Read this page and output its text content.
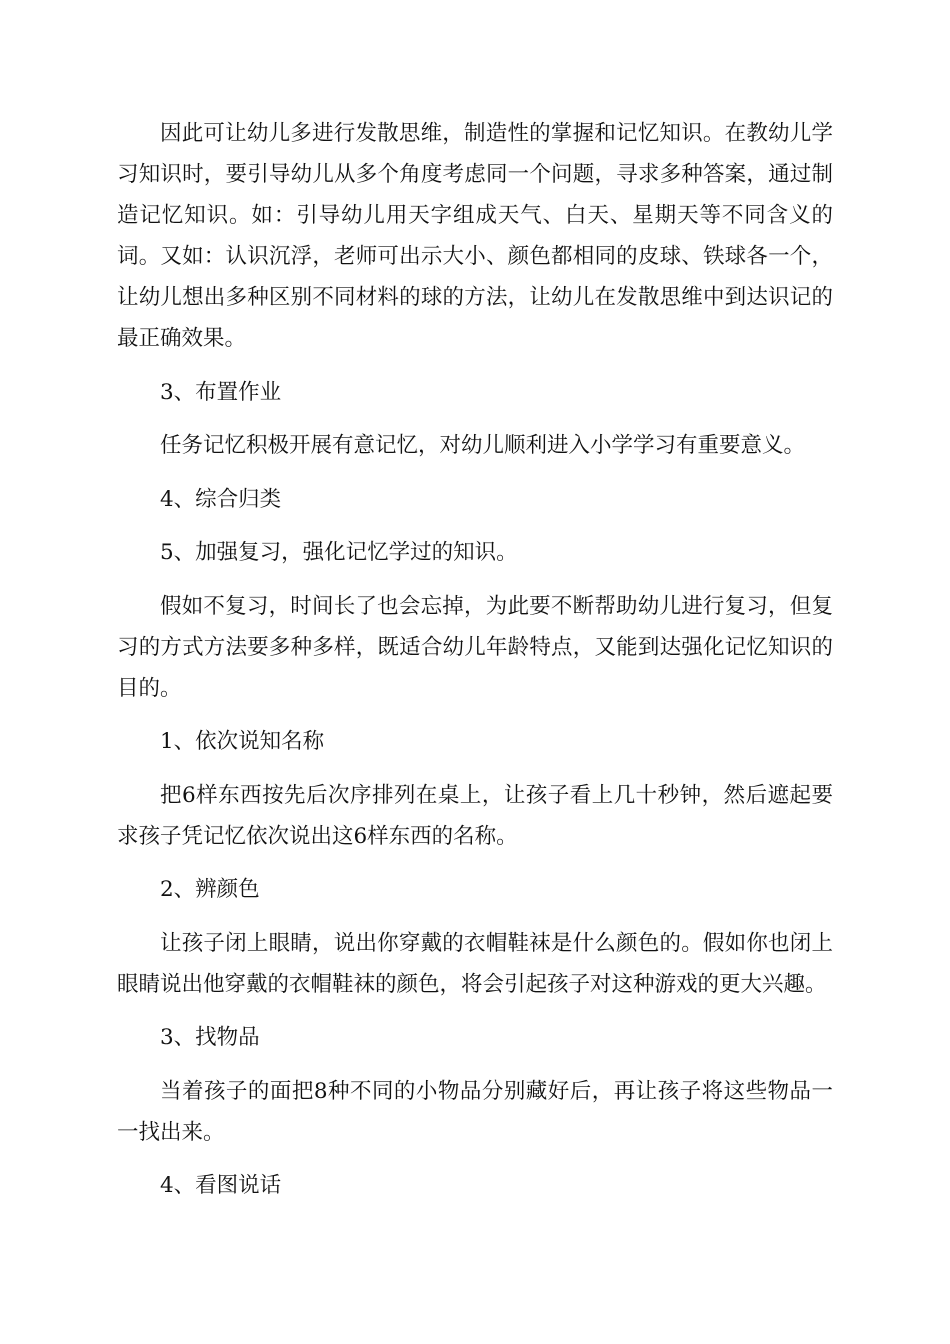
因此可让幼儿多进行发散思维，制造性的掌握和记忆知识。在教幼儿学习知识时，要引导幼儿从多个角度考虑同一个问题，寻求多种答案，通过制造记忆知识。如：引导幼儿用天字组成天气、白天、星期天等不同含义的词。又如：认识沉浮，老师可出示大小、颜色都相同的皮球、铁球各一个，让幼儿想出多种区别不同材料的球的方法，让幼儿在发散思维中到达识记的最正确效果。

3、布置作业

任务记忆积极开展有意记忆，对幼儿顺利进入小学学习有重要意义。

4、综合归类

5、加强复习，强化记忆学过的知识。

假如不复习，时间长了也会忘掉，为此要不断帮助幼儿进行复习，但复习的方式方法要多种多样，既适合幼儿年龄特点，又能到达强化记忆知识的目的。

1、依次说知名称

把6样东西按先后次序排列在桌上，让孩子看上几十秒钟，然后遮起要求孩子凭记忆依次说出这6样东西的名称。

2、辨颜色

让孩子闭上眼睛，说出你穿戴的衣帽鞋袜是什么颜色的。假如你也闭上眼睛说出他穿戴的衣帽鞋袜的颜色，将会引起孩子对这种游戏的更大兴趣。

3、找物品

当着孩子的面把8种不同的小物品分别藏好后，再让孩子将这些物品一一找出来。

4、看图说话
